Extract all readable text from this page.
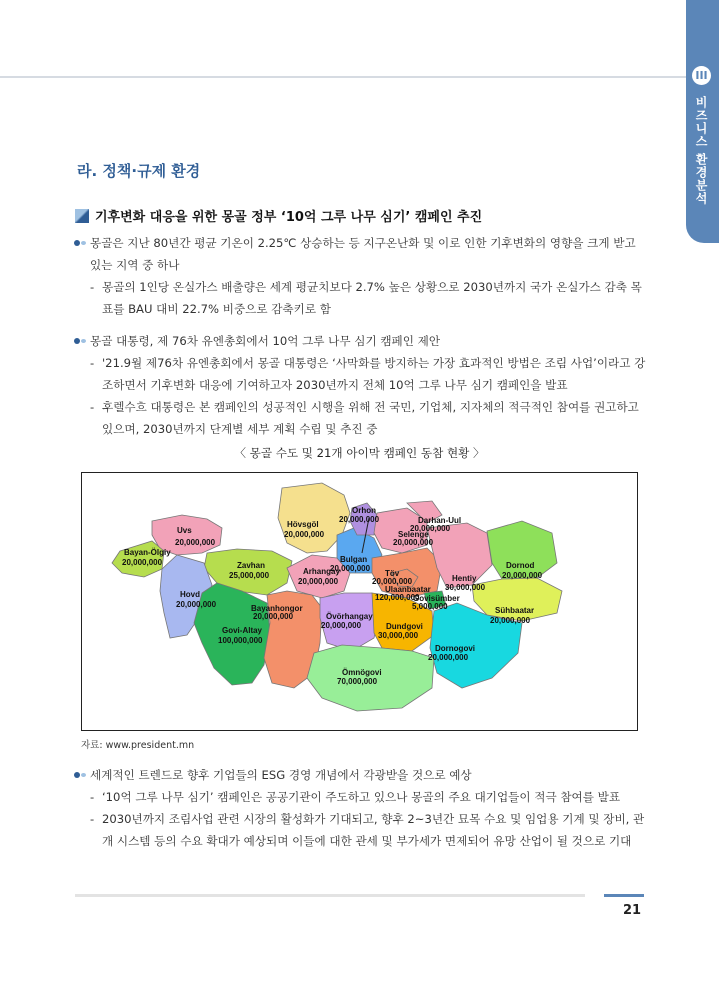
III
비즈니스 환경분석
라. 정책·규제 환경
기후변화 대응을 위한 몽골 정부 ‘10억 그루 나무 심기’ 캠페인 추진
몽골은 지난 80년간 평균 기온이 2.25℃ 상승하는 등 지구온난화 및 이로 인한 기후변화의 영향을 크게 받고 있는 지역 중 하나
- 몽골의 1인당 온실가스 배출량은 세계 평균치보다 2.7% 높은 상황으로 2030년까지 국가 온실가스 감축 목표를 BAU 대비 22.7% 비중으로 감축키로 함
몽골 대통령, 제 76차 유엔총회에서 10억 그루 나무 심기 캠페인 제안
- '21.9월 제76차 유엔총회에서 몽골 대통령은 ‘사막화를 방지하는 가장 효과적인 방법은 조림 사업’이라고 강조하면서 기후변화 대응에 기여하고자 2030년까지 전체 10억 그루 나무 심기 캠페인을 발표
- 후렐수흐 대통령은 본 캠페인의 성공적인 시행을 위해 전 국민, 기업체, 지자체의 적극적인 참여를 권고하고 있으며, 2030년까지 단계별 세부 계획 수립 및 추진 중
〈 몽골 수도 및 21개 아이막 캠페인 동참 현황 〉
Uvs
20,000,000
Hövsgöl
20,000,000
Bayan-Ölgiy
20,000,000	Zavhan
25,000,000
Hovd
20,000,000
Govi-Altay
100,000,000
Arhangay
20,000,000
Bulgan
20,000,000
Orhon
20,000,000
Selenge
20,000,000
Darhan-Uul
20,000,000
Töv
20,000,000
Ulaanbaatar
120,000,000
Hentiy
30,000,000
Dornod
20,000,000
Sühbaatar
20,000,000
Govisümber
5,000,000
Bayanhongor
20,000,000	Övörhangay
20,000,000	Dundgovi
30,000,000
Dornogovi
20,000,000
Ömnögovi
70,000,000
자료: www.president.mn
세계적인 트렌드로 향후 기업들의 ESG 경영 개념에서 각광받을 것으로 예상
- ‘10억 그루 나무 심기’ 캠페인은 공공기관이 주도하고 있으나 몽골의 주요 대기업들이 적극 참여를 발표
- 2030년까지 조림사업 관련 시장의 활성화가 기대되고, 향후 2~3년간 묘목 수요 및 임업용 기계 및 장비, 관개 시스템 등의 수요 확대가 예상되며 이들에 대한 관세 및 부가세가 면제되어 유망 산업이 될 것으로 기대
21
